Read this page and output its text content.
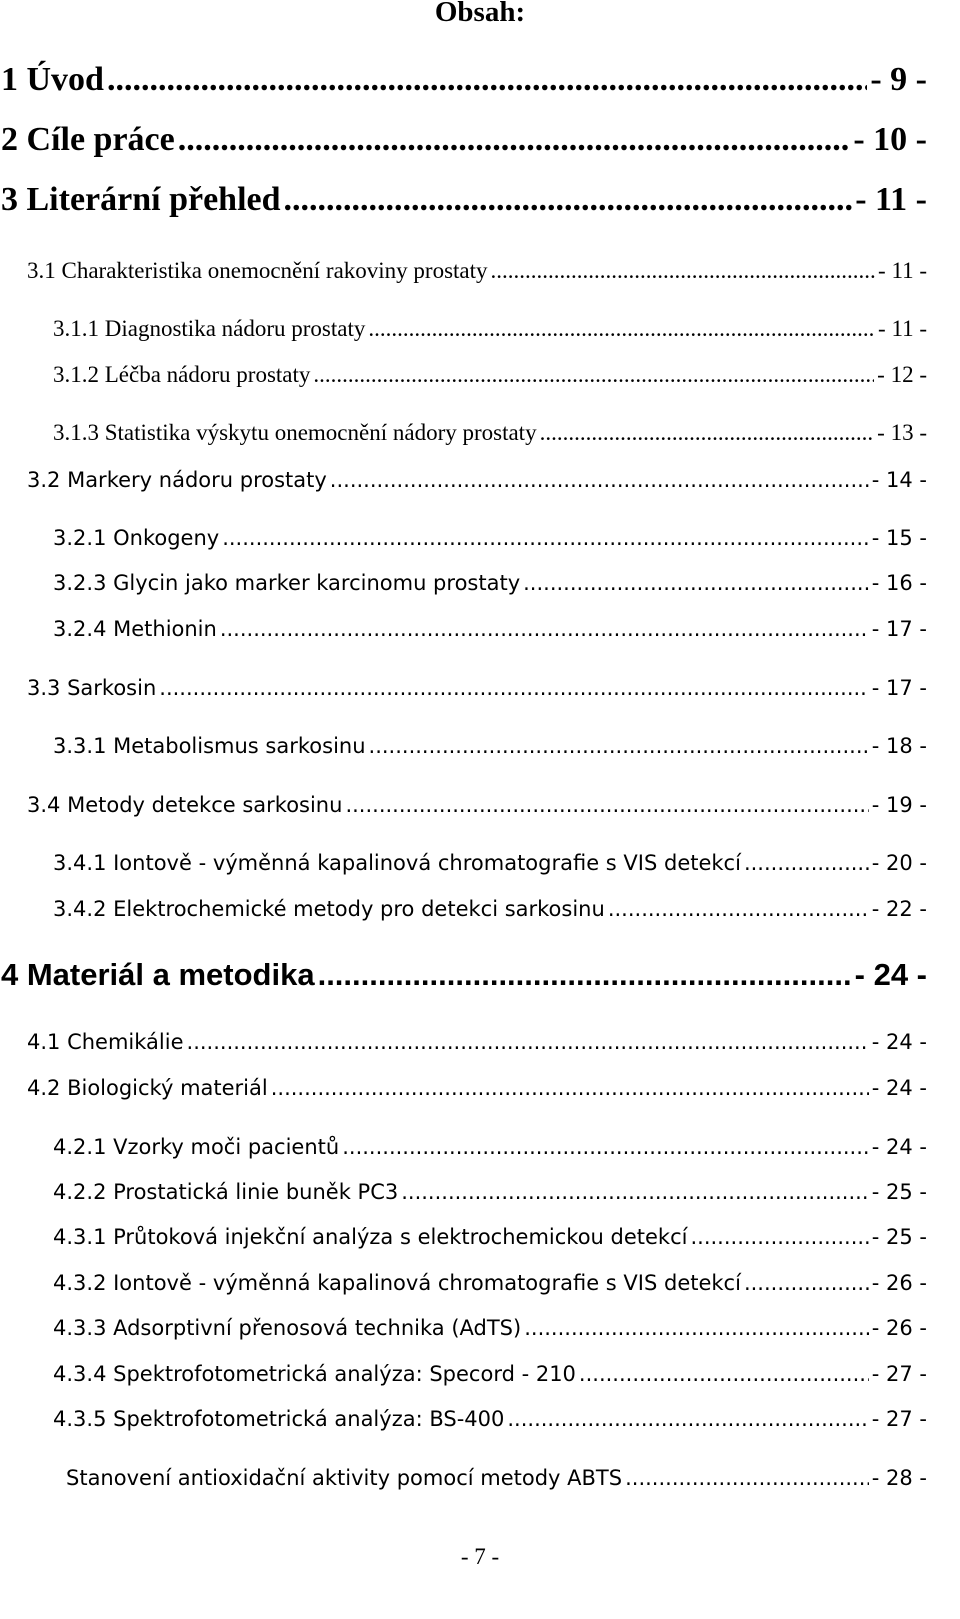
Obsah:
1 Úvod .....	- 9 -
2 Cíle práce .....	- 10 -
3 Literární přehled .....	- 11 -
3.1 Charakteristika onemocnění rakoviny prostaty .....	- 11 -
3.1.1 Diagnostika nádoru prostaty .....	- 11 -
3.1.2 Léčba nádoru prostaty .....	- 12 -
3.1.3 Statistika výskytu onemocnění nádory prostaty .....	- 13 -
3.2 Markery nádoru prostaty .....	- 14 -
3.2.1 Onkogeny .....	- 15 -
3.2.3 Glycin jako marker karcinomu prostaty .....	- 16 -
3.2.4 Methionin .....	- 17 -
3.3 Sarkosin .....	- 17 -
3.3.1 Metabolismus sarkosinu .....	- 18 -
3.4 Metody detekce sarkosinu .....	- 19 -
3.4.1 Iontově - výměnná kapalinová chromatografie s VIS detekcí .....	- 20 -
3.4.2 Elektrochemické metody pro detekci sarkosinu .....	- 22 -
4 Materiál a metodika .....	- 24 -
4.1 Chemikálie .....	- 24 -
4.2 Biologický materiál .....	- 24 -
4.2.1 Vzorky moči pacientů .....	- 24 -
4.2.2 Prostatická linie buněk PC3 .....	- 25 -
4.3.1 Průtoková injekční analýza s elektrochemickou detekcí .....	- 25 -
4.3.2 Iontově - výměnná kapalinová chromatografie s VIS detekcí .....	- 26 -
4.3.3 Adsorptivní přenosová technika (AdTS) .....	- 26 -
4.3.4 Spektrofotometrická analýza: Specord - 210 .....	- 27 -
4.3.5 Spektrofotometrická analýza: BS-400 .....	- 27 -
Stanovení antioxidační aktivity pomocí metody ABTS .....	- 28 -
- 7 -
